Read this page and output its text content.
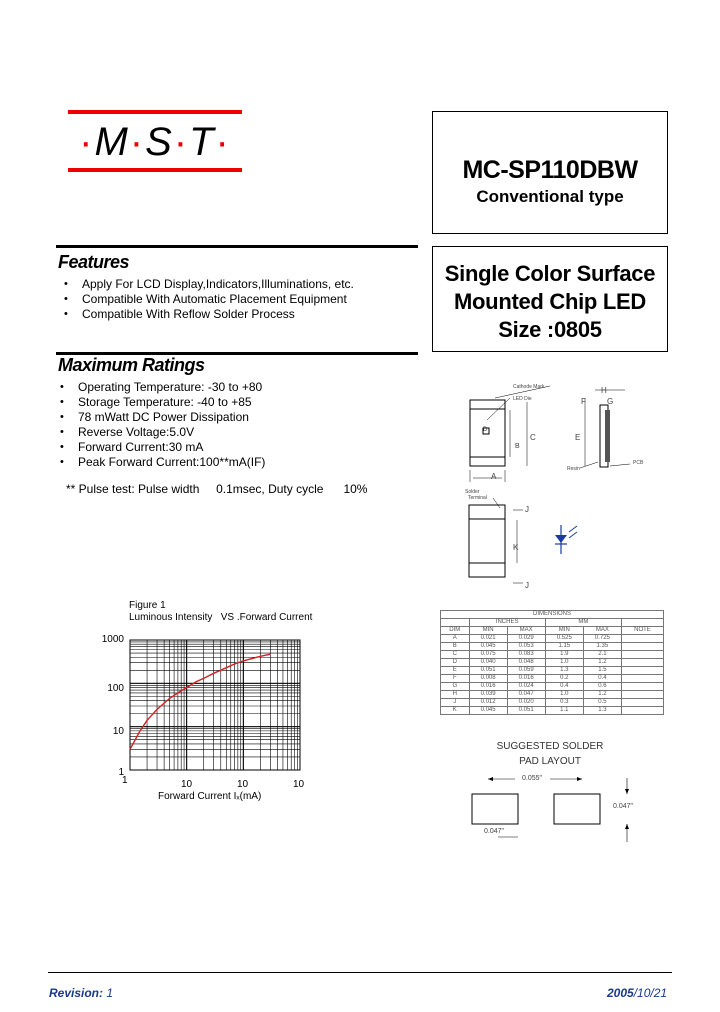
·M·S·T·
MC-SP110DBW
Conventional type
Single Color Surface
Mounted Chip LED
Size :0805
Features
• Apply For LCD Display,Indicators,Illuminations, etc.
• Compatible With Automatic Placement Equipment
• Compatible With Reflow Solder Process
Maximum Ratings
• Operating Temperature: -30 to +80
• Storage Temperature: -40 to +85
• 78 mWatt DC Power Dissipation
• Reverse Voltage:5.0V
• Forward Current:30 mA
• Peak Forward Current:100**mA(IF)
** Pulse test: Pulse width     0.1msec, Duty cycle      10%
Figure 1
Luminous Intensity   VS .Forward Current
1000
100
10
1
1	10	10	10
Forward Current Iₓ(mA)
Cathode Mark
LED Die
H
F	G
C	E
B
D
A
Resin
PCB
Solder
Terminal
J
K
J
DIMENSIONS					
	INCHES		MM		
DIM	MIN	MAX	MIN	MAX	NOTE
A	0.021	0.029	0.525	0.725	
B	0.045	0.053	1.15	1.35	
C	0.075	0.083	1.9	2.1	
D	0.040	0.048	1.0	1.2	
E	0.051	0.059	1.3	1.5	
F	0.008	0.016	0.2	0.4	
G	0.016	0.024	0.4	0.6	
H	0.039	0.047	1.0	1.2	
J	0.012	0.020	0.3	0.5	
K	0.045	0.051	1.1	1.3	
SUGGESTED SOLDER
PAD LAYOUT
0.055"
0.047"
0.047"
Revision: 1	2005/10/21
